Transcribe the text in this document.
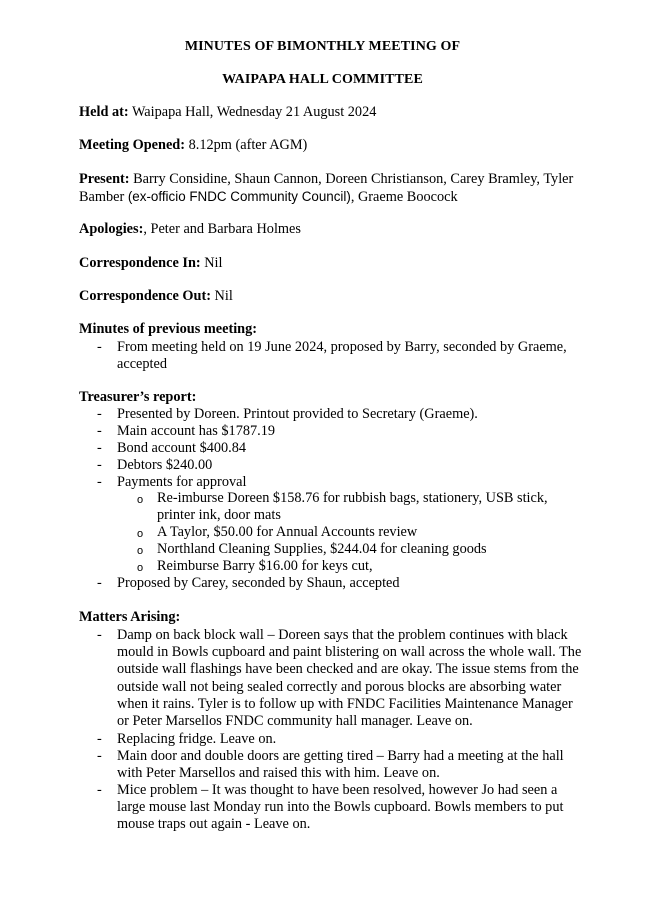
MINUTES OF BIMONTHLY MEETING OF
WAIPAPA HALL COMMITTEE
Held at: Waipapa Hall, Wednesday 21 August 2024
Meeting Opened: 8.12pm (after AGM)
Present: Barry Considine, Shaun Cannon, Doreen Christianson, Carey Bramley, Tyler
Bamber (ex-officio FNDC Community Council), Graeme Boocock
Apologies:, Peter and Barbara Holmes
Correspondence In: Nil
Correspondence Out: Nil
Minutes of previous meeting:
- From meeting held on 19 June 2024, proposed by Barry, seconded by Graeme,
accepted
Treasurer’s report:
- Presented by Doreen. Printout provided to Secretary (Graeme).
- Main account has $1787.19
- Bond account $400.84
- Debtors $240.00
- Payments for approval
o Re-imburse Doreen $158.76 for rubbish bags, stationery, USB stick,
printer ink, door mats
o A Taylor, $50.00 for Annual Accounts review
o Northland Cleaning Supplies, $244.04 for cleaning goods
o Reimburse Barry $16.00 for keys cut,
- Proposed by Carey, seconded by Shaun, accepted
Matters Arising:
- Damp on back block wall – Doreen says that the problem continues with black
mould in Bowls cupboard and paint blistering on wall across the whole wall. The
outside wall flashings have been checked and are okay. The issue stems from the
outside wall not being sealed correctly and porous blocks are absorbing water
when it rains. Tyler is to follow up with FNDC Facilities Maintenance Manager
or Peter Marsellos FNDC community hall manager. Leave on.
- Replacing fridge. Leave on.
- Main door and double doors are getting tired – Barry had a meeting at the hall
with Peter Marsellos and raised this with him. Leave on.
- Mice problem – It was thought to have been resolved, however Jo had seen a
large mouse last Monday run into the Bowls cupboard. Bowls members to put
mouse traps out again - Leave on.
